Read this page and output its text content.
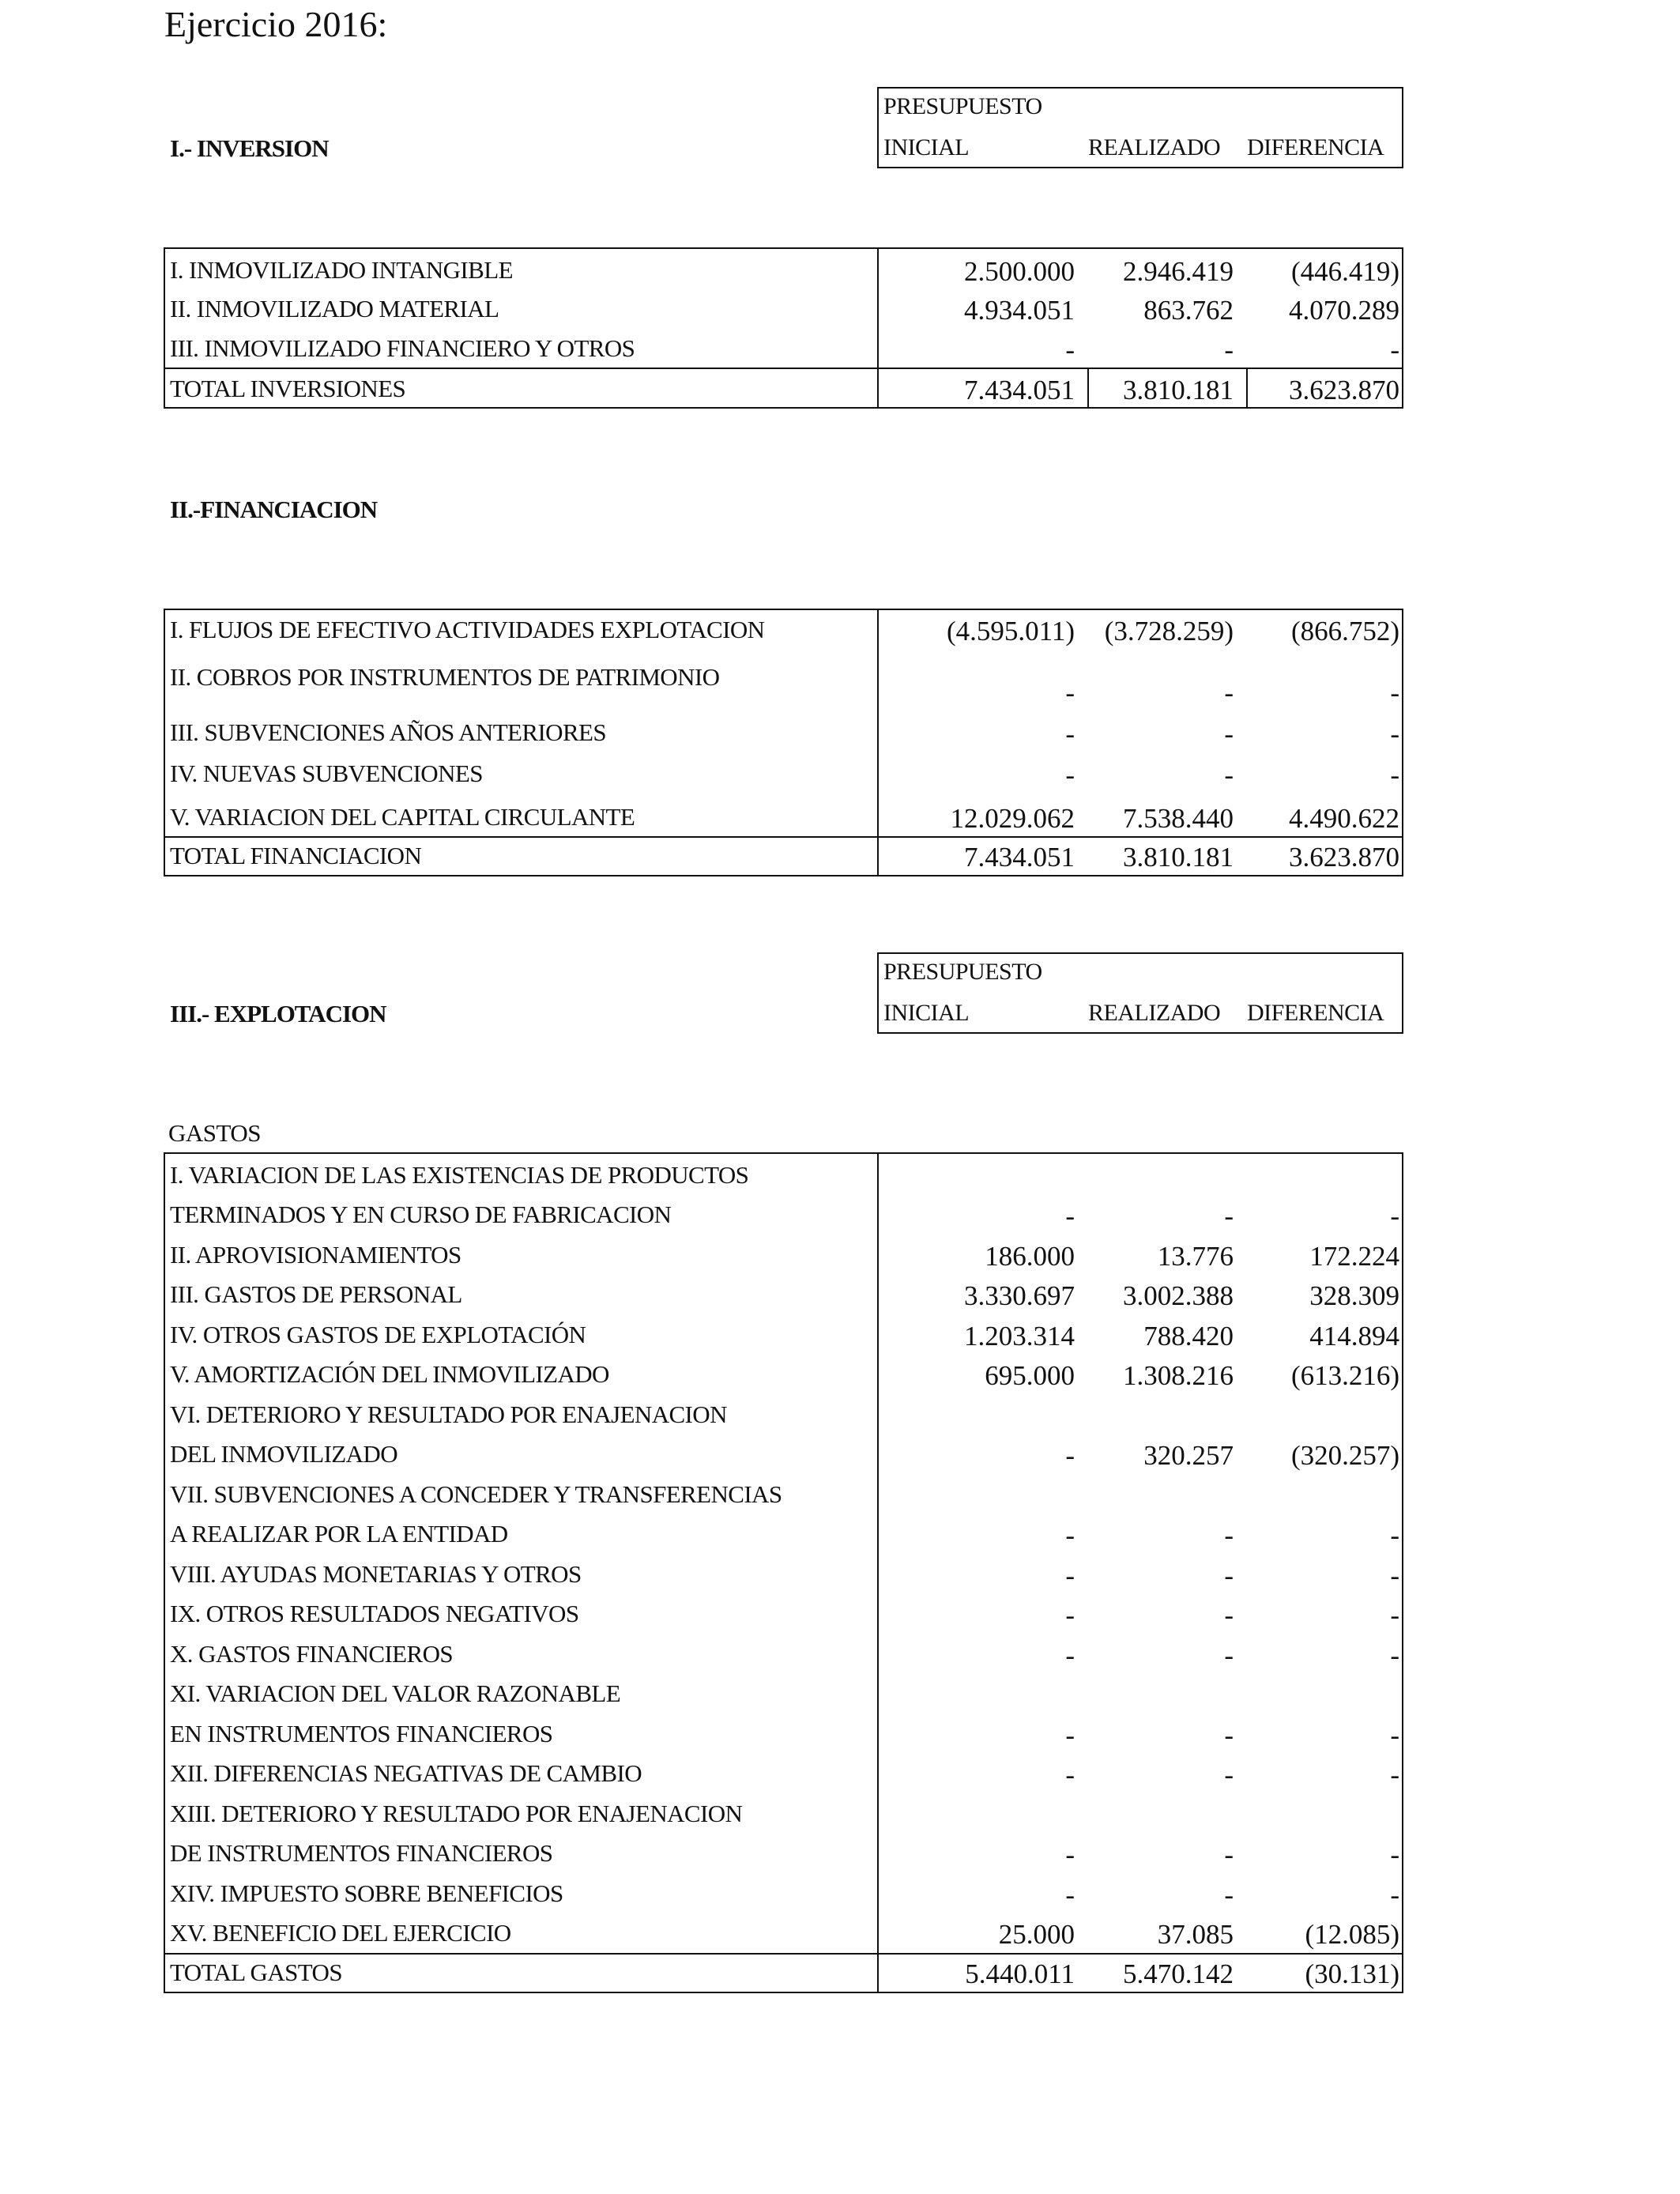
Ejercicio 2016:
I.- INVERSION
PRESUPUESTO
INICIAL	REALIZADO DIFERENCIA
I. INMOVILIZADO INTANGIBLE	2.500.000 2.946.419 (446.419)
II. INMOVILIZADO MATERIAL	4.934.051 863.762 4.070.289
III. INMOVILIZADO FINANCIERO Y OTROS	-	-	-
TOTAL INVERSIONES	7.434.051 3.810.181 3.623.870
II.-FINANCIACION
I. FLUJOS DE EFECTIVO ACTIVIDADES EXPLOTACION	(4.595.011) (3.728.259) (866.752)
II. COBROS POR INSTRUMENTOS DE PATRIMONIO
-	-	-
III. SUBVENCIONES AÑOS ANTERIORES	-	-	-
IV. NUEVAS SUBVENCIONES	-	-	-
V. VARIACION DEL CAPITAL CIRCULANTE	12.029.062 7.538.440 4.490.622
TOTAL FINANCIACION	7.434.051 3.810.181 3.623.870
III.- EXPLOTACION
PRESUPUESTO
INICIAL	REALIZADO DIFERENCIA
GASTOS
I. VARIACION DE LAS EXISTENCIAS DE PRODUCTOS
TERMINADOS Y EN CURSO DE FABRICACION	-	-	-
II. APROVISIONAMIENTOS	186.000	13.776	172.224
III. GASTOS DE PERSONAL	3.330.697 3.002.388	328.309
IV. OTROS GASTOS DE EXPLOTACIÓN	1.203.314 788.420	414.894
V. AMORTIZACIÓN DEL INMOVILIZADO	695.000 1.308.216 (613.216)
VI. DETERIORO Y RESULTADO POR ENAJENACION
DEL INMOVILIZADO	- 320.257 (320.257)
VII. SUBVENCIONES A CONCEDER Y TRANSFERENCIAS
A REALIZAR POR LA ENTIDAD	-	-	-
VIII. AYUDAS MONETARIAS Y OTROS	-	-	-
IX. OTROS RESULTADOS NEGATIVOS	-	-	-
X. GASTOS FINANCIEROS	-	-	-
XI. VARIACION DEL VALOR RAZONABLE
EN INSTRUMENTOS FINANCIEROS	-	-	-
XII. DIFERENCIAS NEGATIVAS DE CAMBIO	-	-	-
XIII. DETERIORO Y RESULTADO POR ENAJENACION
DE INSTRUMENTOS FINANCIEROS	-	-	-
XIV. IMPUESTO SOBRE BENEFICIOS	-	-	-
XV. BENEFICIO DEL EJERCICIO	25.000	37.085	(12.085)
TOTAL GASTOS	5.440.011 5.470.142	(30.131)
